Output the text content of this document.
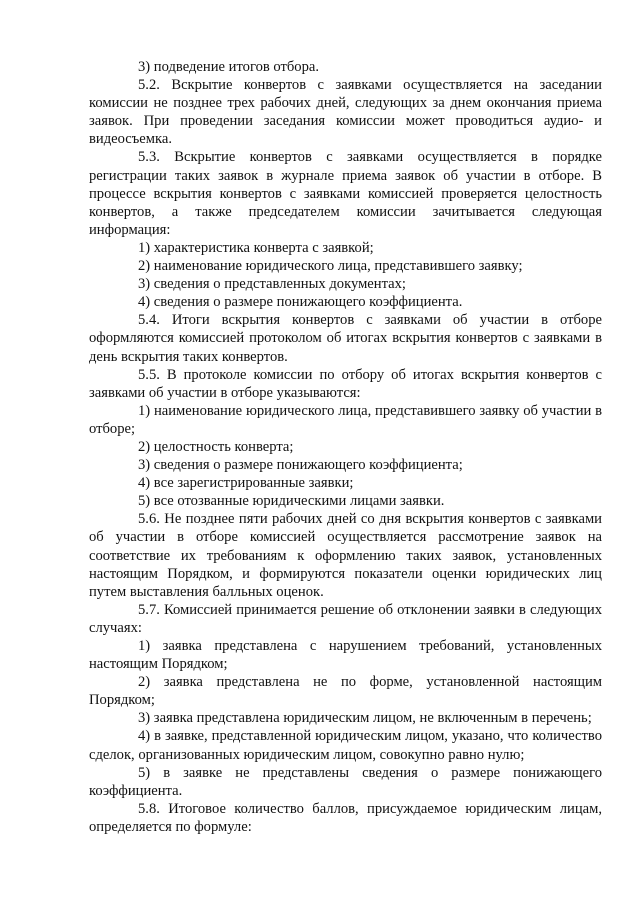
3) подведение итогов отбора.

5.2. Вскрытие конвертов с заявками осуществляется на заседании комиссии не позднее трех рабочих дней, следующих за днем окончания приема заявок. При проведении заседания комиссии может проводиться аудио- и видеосъемка.

5.3. Вскрытие конвертов с заявками осуществляется в порядке регистрации таких заявок в журнале приема заявок об участии в отборе. В процессе вскрытия конвертов с заявками комиссией проверяется целостность конвертов, а также председателем комиссии зачитывается следующая информация:

1) характеристика конверта с заявкой;

2) наименование юридического лица, представившего заявку;

3) сведения о представленных документах;

4) сведения о размере понижающего коэффициента.

5.4. Итоги вскрытия конвертов с заявками об участии в отборе оформляются комиссией протоколом об итогах вскрытия конвертов с заявками в день вскрытия таких конвертов.

5.5. В протоколе комиссии по отбору об итогах вскрытия конвертов с заявками об участии в отборе указываются:

1) наименование юридического лица, представившего заявку об участии в отборе;

2) целостность конверта;

3) сведения о размере понижающего коэффициента;

4) все зарегистрированные заявки;

5) все отозванные юридическими лицами заявки.

5.6. Не позднее пяти рабочих дней со дня вскрытия конвертов с заявками об участии в отборе комиссией осуществляется рассмотрение заявок на соответствие их требованиям к оформлению таких заявок, установленных настоящим Порядком, и формируются показатели оценки юридических лиц путем выставления балльных оценок.

5.7. Комиссией принимается решение об отклонении заявки в следующих случаях:

1) заявка представлена с нарушением требований, установленных настоящим Порядком;

2) заявка представлена не по форме, установленной настоящим Порядком;

3) заявка представлена юридическим лицом, не включенным в перечень;

4) в заявке, представленной юридическим лицом, указано, что количество сделок, организованных юридическим лицом, совокупно равно нулю;

5) в заявке не представлены сведения о размере понижающего коэффициента.

5.8. Итоговое количество баллов, присуждаемое юридическим лицам, определяется по формуле:
